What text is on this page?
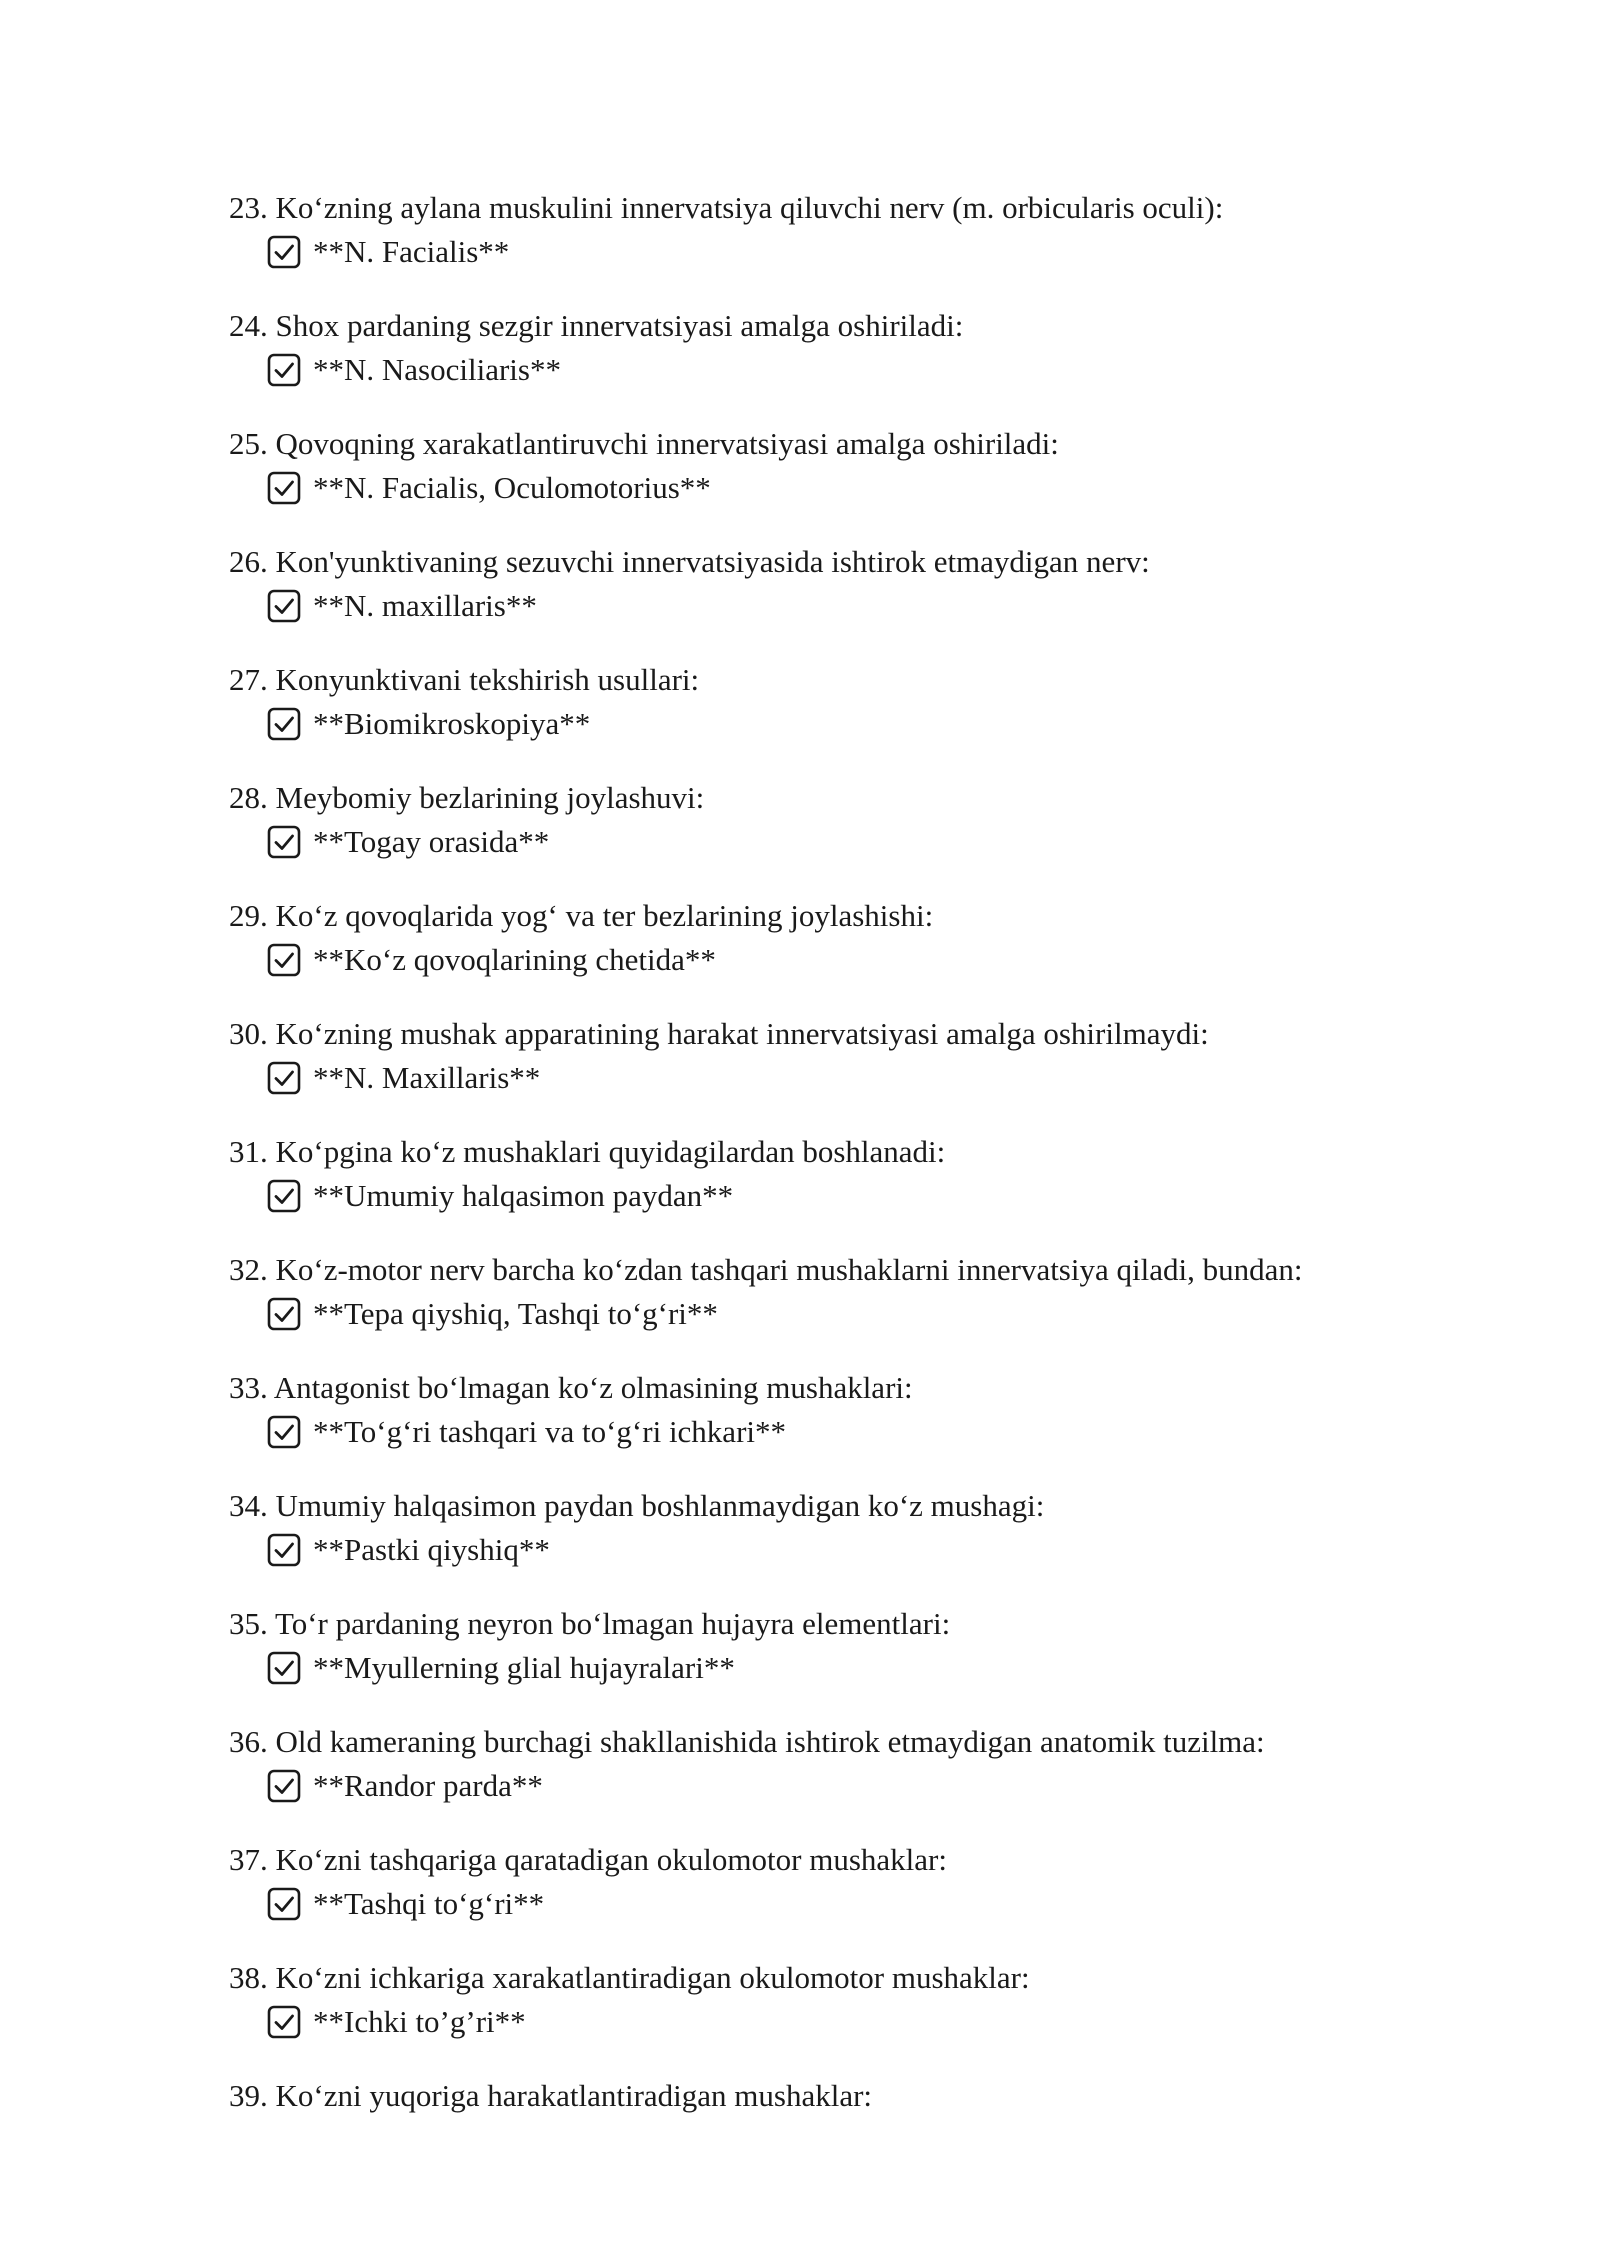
23. Ko‘zning aylana muskulini innervatsiya qiluvchi nerv (m. orbicularis oculi):
**N. Facialis**
24. Shox pardaning sezgir innervatsiyasi amalga oshiriladi:
**N. Nasociliaris**
25. Qovoqning xarakatlantiruvchi innervatsiyasi amalga oshiriladi:
**N. Facialis, Oculomotorius**
26. Kon'yunktivaning sezuvchi innervatsiyasida ishtirok etmaydigan nerv:
**N. maxillaris**
27. Konyunktivani tekshirish usullari:
**Biomikroskopiya**
28. Meybomiy bezlarining joylashuvi:
**Togay orasida**
29. Ko‘z qovoqlarida yog‘ va ter bezlarining joylashishi:
**Ko‘z qovoqlarining chetida**
30. Ko‘zning mushak apparatining harakat innervatsiyasi amalga oshirilmaydi:
**N. Maxillaris**
31. Ko‘pgina ko‘z mushaklari quyidagilardan boshlanadi:
**Umumiy halqasimon paydan**
32. Ko‘z-motor nerv barcha ko‘zdan tashqari mushaklarni innervatsiya qiladi, bundan:
**Tepa qiyshiq, Tashqi to‘g‘ri**
33. Antagonist bo‘lmagan ko‘z olmasining mushaklari:
**To‘g‘ri tashqari va to‘g‘ri ichkari**
34. Umumiy halqasimon paydan boshlanmaydigan ko‘z mushagi:
**Pastki qiyshiq**
35. To‘r pardaning neyron bo‘lmagan hujayra elementlari:
**Myullerning glial hujayralari**
36. Old kameraning burchagi shakllanishida ishtirok etmaydigan anatomik tuzilma:
**Randor parda**
37. Ko‘zni tashqariga qaratadigan okulomotor mushaklar:
**Tashqi to‘g‘ri**
38. Ko‘zni ichkariga xarakatlantiradigan okulomotor mushaklar:
**Ichki to’g’ri**
39. Ko‘zni yuqoriga harakatlantiradigan mushaklar:
